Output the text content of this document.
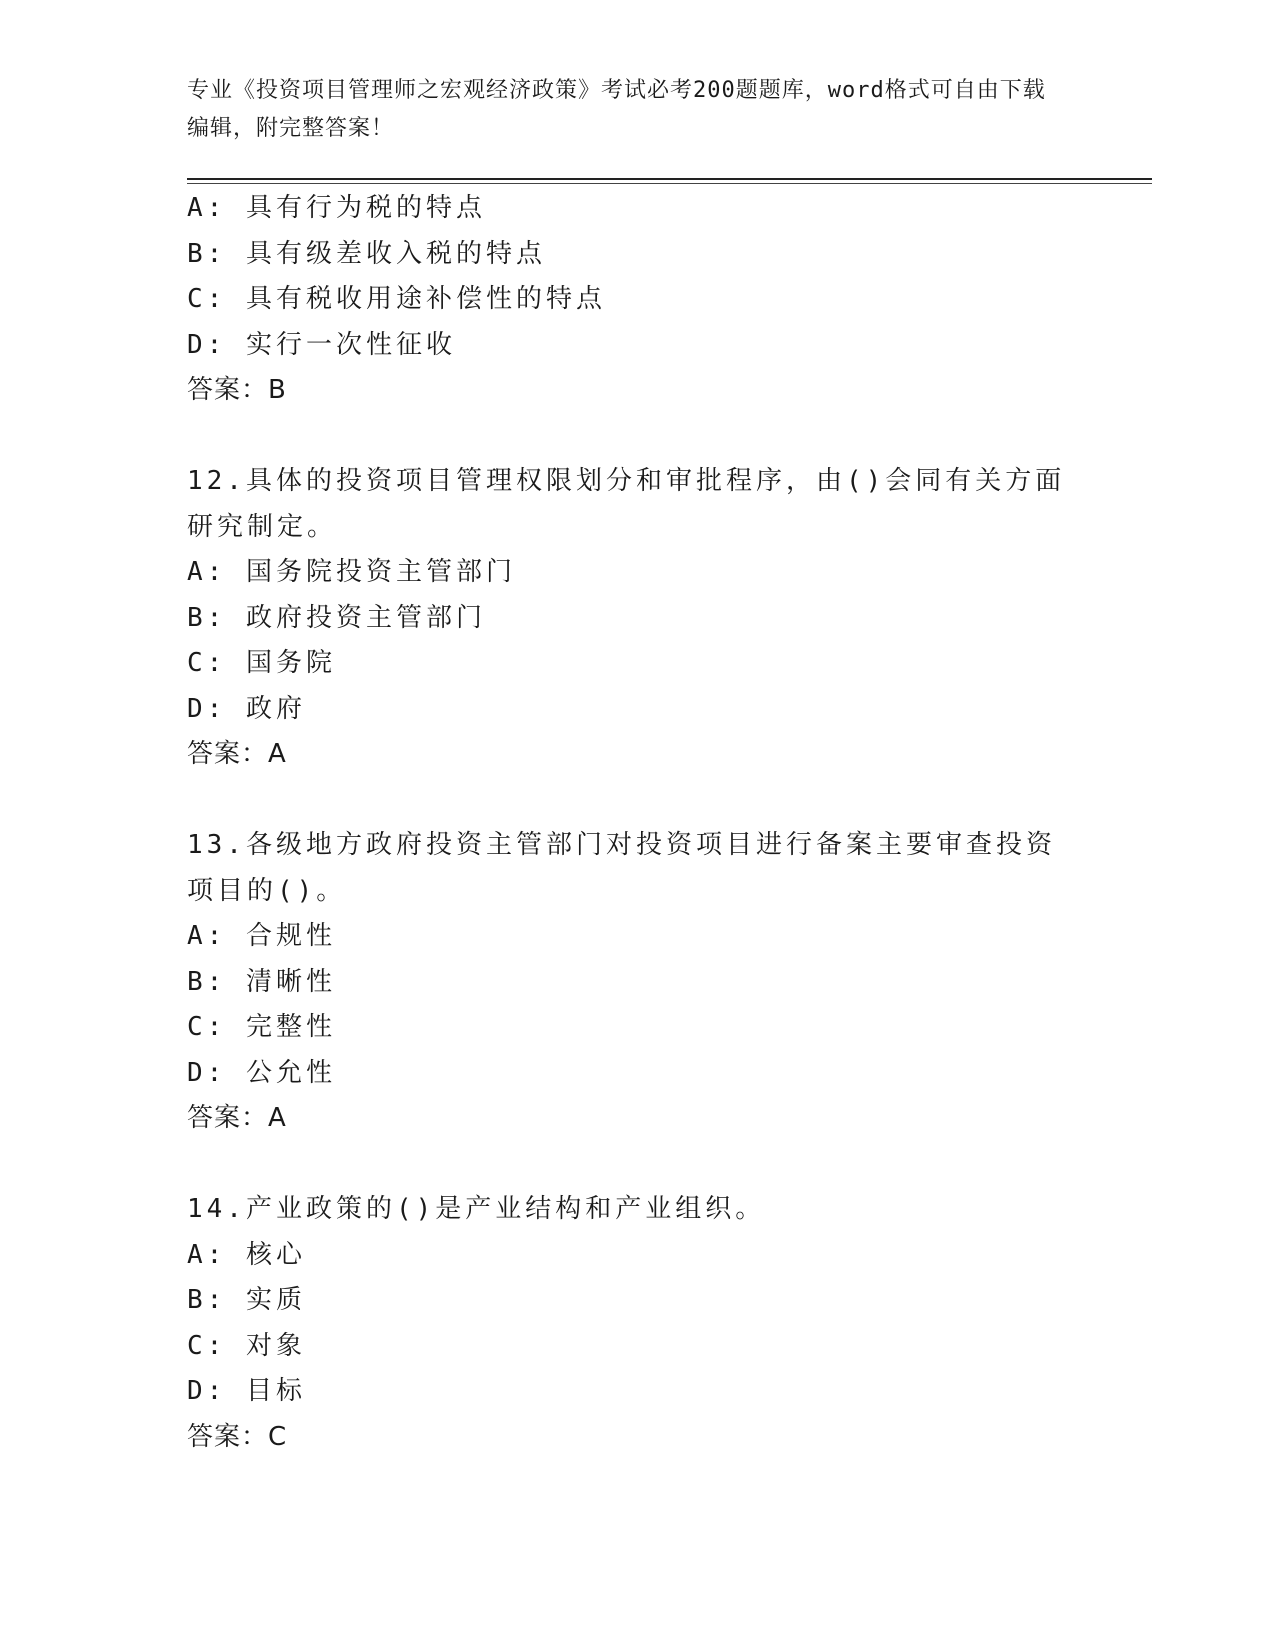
专业《投资项目管理师之宏观经济政策》考试必考200题题库，word格式可自由下载编辑，附完整答案！
A: 具有行为税的特点
B: 具有级差收入税的特点
C: 具有税收用途补偿性的特点
D: 实行一次性征收
答案：B
12.具体的投资项目管理权限划分和审批程序，由()会同有关方面研究制定。
A: 国务院投资主管部门
B: 政府投资主管部门
C: 国务院
D: 政府
答案：A
13.各级地方政府投资主管部门对投资项目进行备案主要审查投资项目的()。
A: 合规性
B: 清晰性
C: 完整性
D: 公允性
答案：A
14.产业政策的()是产业结构和产业组织。
A: 核心
B: 实质
C: 对象
D: 目标
答案：C
